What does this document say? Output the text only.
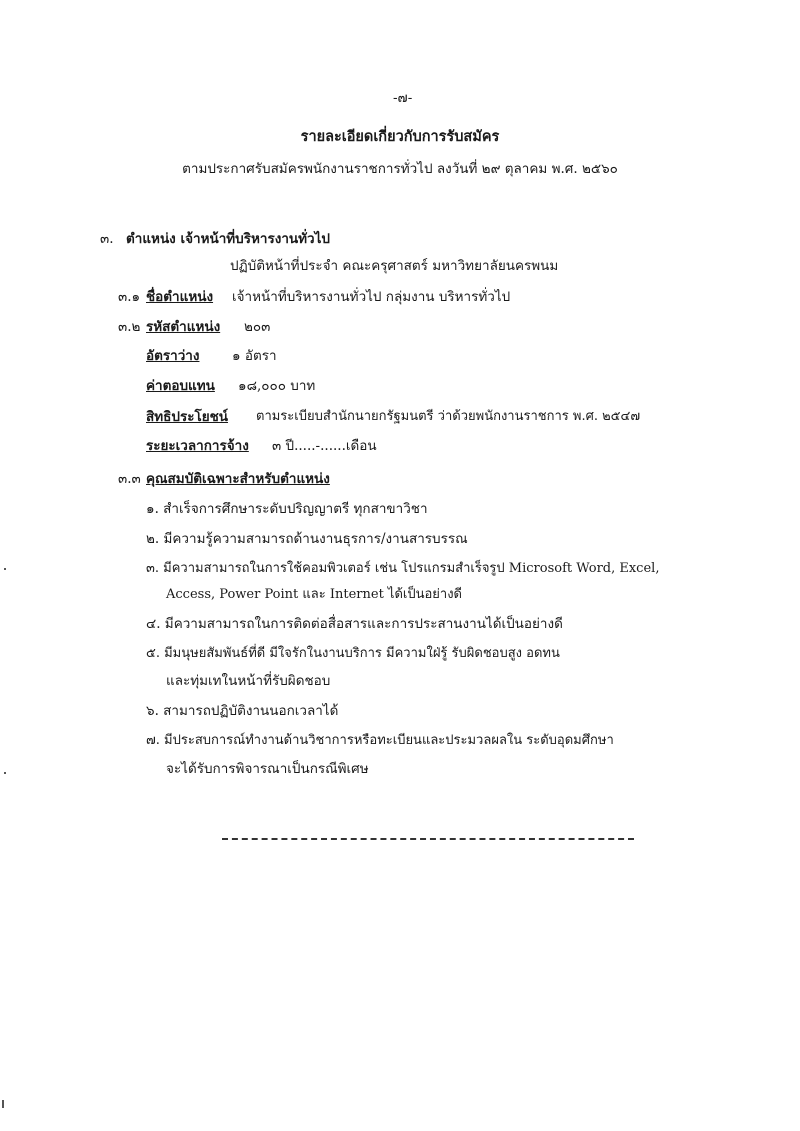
-๗-
รายละเอียดเกี่ยวกับการรับสมัคร
ตามประกาศรับสมัครพนักงานราชการทั่วไป ลงวันที่ ๒๙ ตุลาคม พ.ศ. ๒๕๖๐
๓. ตำแหน่ง เจ้าหน้าที่บริหารงานทั่วไป
ปฏิบัติหน้าที่ประจำ คณะครุศาสตร์ มหาวิทยาลัยนครพนม
๓.๑ ชื่อตำแหน่ง เจ้าหน้าที่บริหารงานทั่วไป กลุ่มงาน บริหารทั่วไป
๓.๒ รหัสตำแหน่ง ๒๐๓
อัตราว่าง ๑ อัตรา
ค่าตอบแทน ๑๘,๐๐๐ บาท
สิทธิประโยชน์ ตามระเบียบสำนักนายกรัฐมนตรี ว่าด้วยพนักงานราชการ พ.ศ. ๒๕๔๗
ระยะเวลาการจ้าง ๓ ปี.....-......เดือน
๓.๓ คุณสมบัติเฉพาะสำหรับตำแหน่ง
๑. สำเร็จการศึกษาระดับปริญญาตรี ทุกสาขาวิชา
๒. มีความรู้ความสามารถด้านงานธุรการ/งานสารบรรณ
๓. มีความสามารถในการใช้คอมพิวเตอร์ เช่น โปรแกรมสำเร็จรูป Microsoft Word, Excel,
Access, Power Point และ Internet ได้เป็นอย่างดี
๔. มีความสามารถในการติดต่อสื่อสารและการประสานงานได้เป็นอย่างดี
๕. มีมนุษยสัมพันธ์ที่ดี มีใจรักในงานบริการ มีความใฝ่รู้ รับผิดชอบสูง อดทน
และทุ่มเทในหน้าที่รับผิดชอบ
๖. สามารถปฏิบัติงานนอกเวลาได้
๗. มีประสบการณ์ทำงานด้านวิชาการหรือทะเบียนและประมวลผลใน ระดับอุดมศึกษา
จะได้รับการพิจารณาเป็นกรณีพิเศษ
